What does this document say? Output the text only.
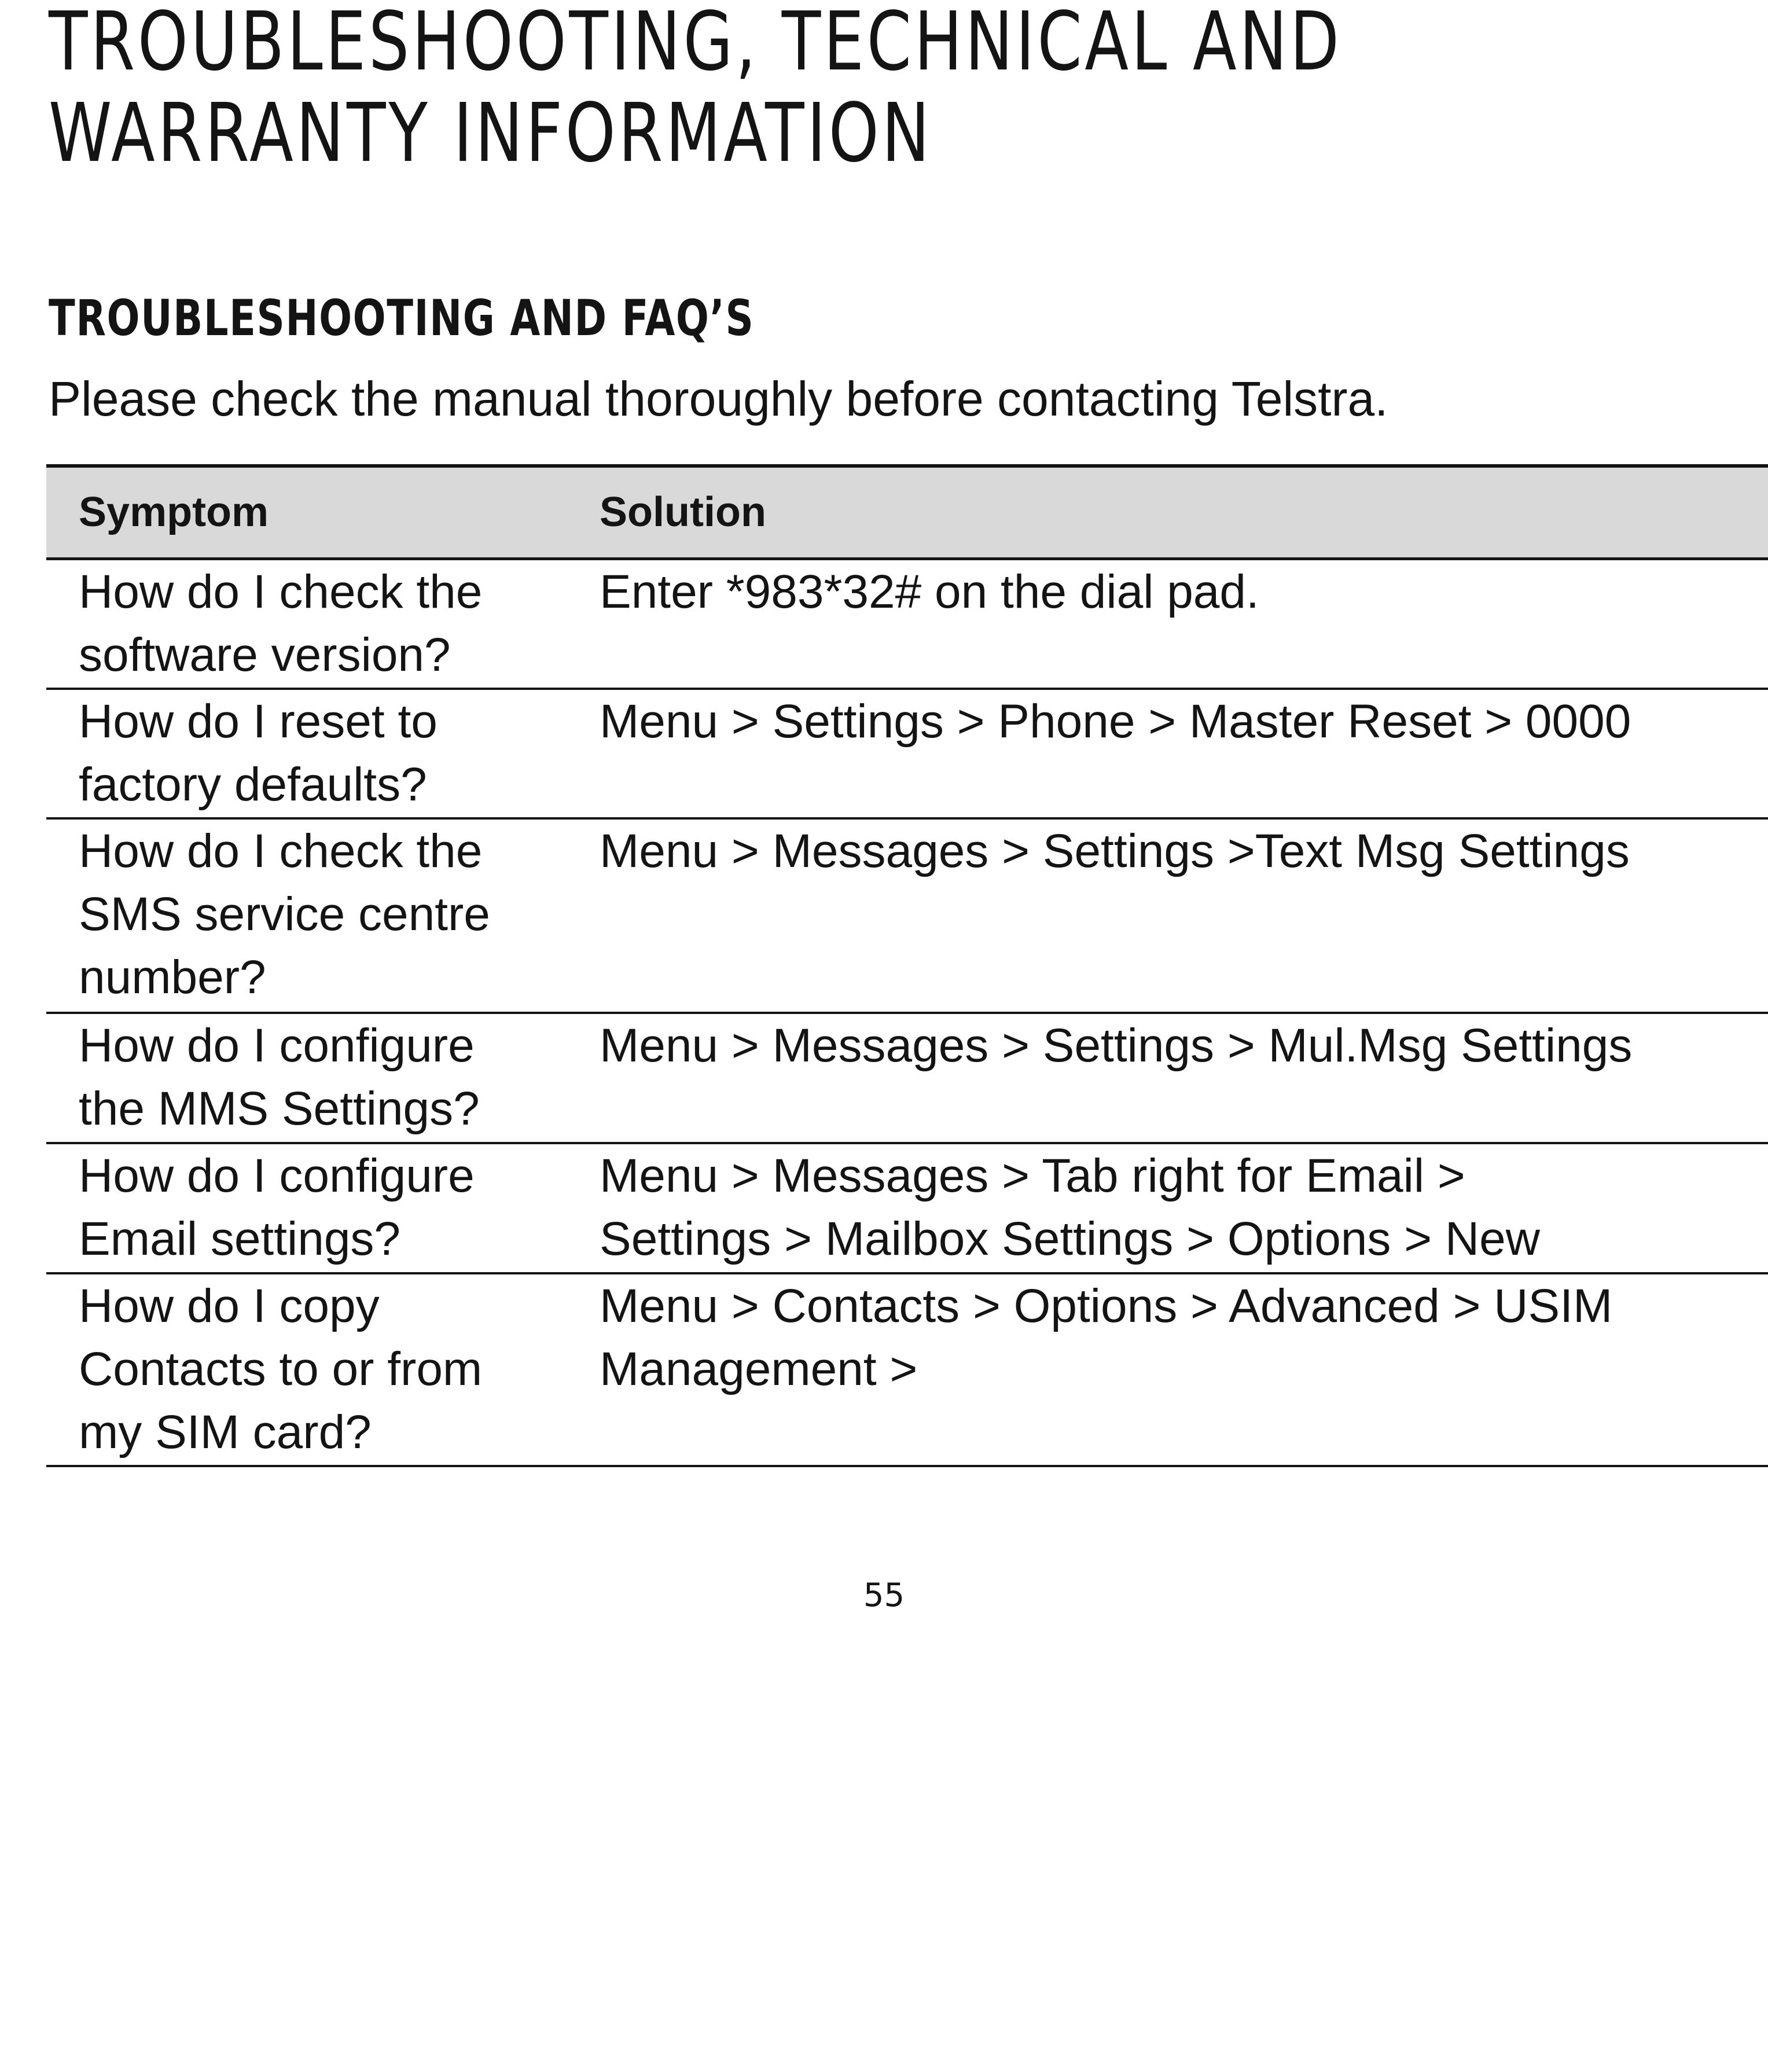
TROUBLESHOOTING, TECHNICAL AND
WARRANTY INFORMATION
TROUBLESHOOTING AND FAQ’S

Please check the manual thoroughly before contacting Telstra.

Symptom	Solution
How do I check the
software version?	Enter *983*32# on the dial pad.
How do I reset to
factory defaults?	Menu > Settings > Phone > Master Reset > 0000
How do I check the
SMS service centre
number?	Menu > Messages > Settings >Text Msg Settings
How do I configure
the MMS Settings?	Menu > Messages > Settings > Mul.Msg Settings
How do I configure
Email settings?	Menu > Messages > Tab right for Email >
Settings > Mailbox Settings > Options > New
How do I copy
Contacts to or from
my SIM card?	Menu > Contacts > Options > Advanced > USIM
Management >

55
